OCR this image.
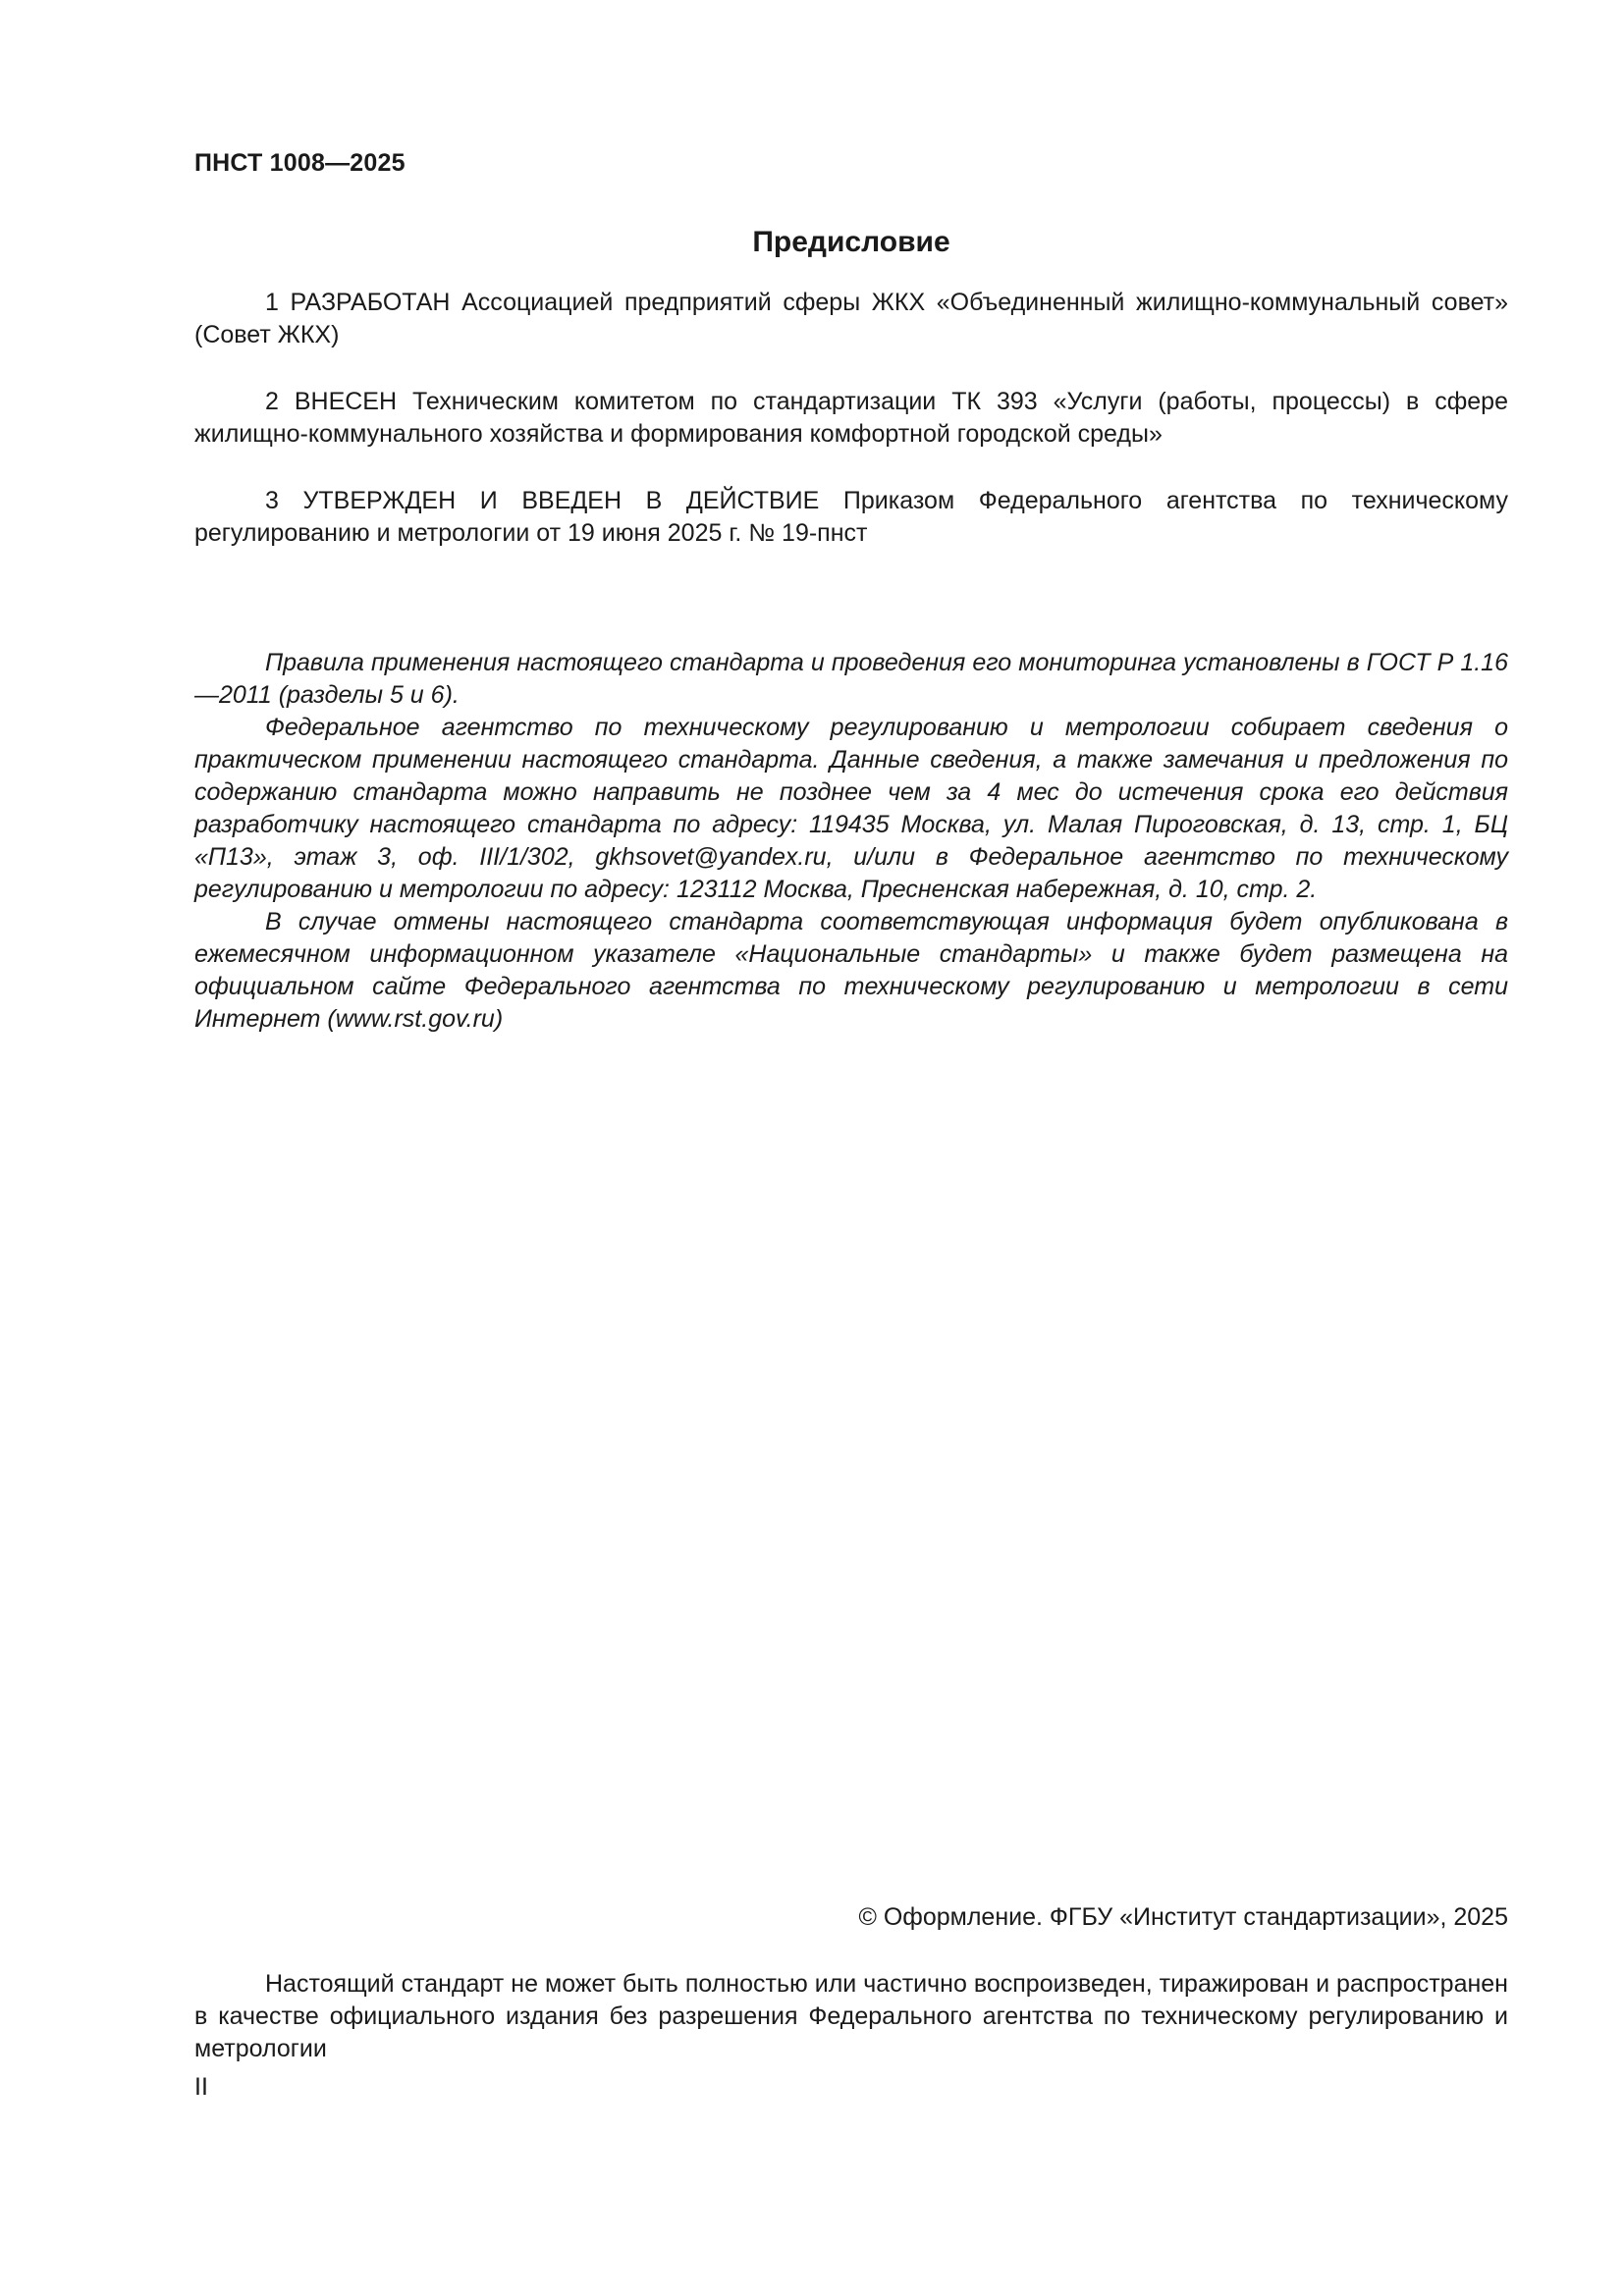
ПНСТ 1008—2025
Предисловие

1 РАЗРАБОТАН Ассоциацией предприятий сферы ЖКХ «Объединенный жилищно-коммунальный совет» (Совет ЖКХ)

2 ВНЕСЕН Техническим комитетом по стандартизации ТК 393 «Услуги (работы, процессы) в сфере жилищно-коммунального хозяйства и формирования комфортной городской среды»

3 УТВЕРЖДЕН И ВВЕДЕН В ДЕЙСТВИЕ Приказом Федерального агентства по техническому регулированию и метрологии от 19 июня 2025 г. № 19-пнст

Правила применения настоящего стандарта и проведения его мониторинга установлены в ГОСТ Р 1.16—2011 (разделы 5 и 6).

Федеральное агентство по техническому регулированию и метрологии собирает сведения о практическом применении настоящего стандарта. Данные сведения, а также замечания и предложения по содержанию стандарта можно направить не позднее чем за 4 мес до истечения срока его действия разработчику настоящего стандарта по адресу: 119435 Москва, ул. Малая Пироговская, д. 13, стр. 1, БЦ «П13», этаж 3, оф. III/1/302, gkhsovet@yandex.ru, и/или в Федеральное агентство по техническому регулированию и метрологии по адресу: 123112 Москва, Пресненская набережная, д. 10, стр. 2.

В случае отмены настоящего стандарта соответствующая информация будет опубликована в ежемесячном информационном указателе «Национальные стандарты» и также будет размещена на официальном сайте Федерального агентства по техническому регулированию и метрологии в сети Интернет (www.rst.gov.ru)

© Оформление. ФГБУ «Институт стандартизации», 2025

Настоящий стандарт не может быть полностью или частично воспроизведен, тиражирован и распространен в качестве официального издания без разрешения Федерального агентства по техническому регулированию и метрологии

II
